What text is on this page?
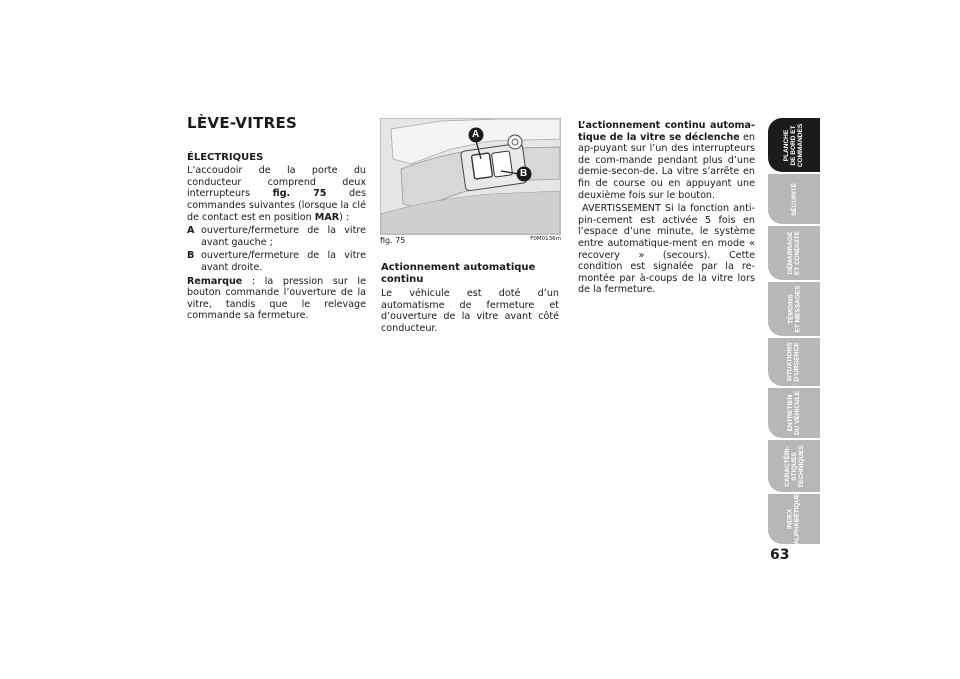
LÈVE-VITRES
ÉLECTRIQUES

L’accoudoir de la porte du conducteur comprend deux interrupteurs fig. 75 des commandes suivantes (lorsque la clé de contact est en position MAR) :

A ouverture/fermeture de la vitre avant gauche ;
B ouverture/fermeture de la vitre avant droite.

Remarque : la pression sur le bouton commande l’ouverture de la vitre, tandis que le relevage commande sa fermeture.

A
B
fig. 75	F0M0136m

Actionnement automatique continu

Le véhicule est doté d’un automatisme de fermeture et d’ouverture de la vitre avant côté conducteur.

L’actionnement continu automa-tique de la vitre se déclenche en ap-puyant sur l’un des interrupteurs de com-mande pendant plus d’une demie-secon-de. La vitre s’arrête en fin de course ou en appuyant une deuxième fois sur le bouton.

AVERTISSEMENT Si la fonction anti-pin-cement est activée 5 fois en l’espace d’une minute, le système entre automatique-ment en mode « recovery » (secours). Cette condition est signalée par la re-montée par à-coups de la vitre lors de la fermeture.

PLANCHE
DE BORD ET
COMMANDES
SÉCURITÉ
DÉMARRAGE
ET CONDUITE
TÉMOINS
ET MESSAGES
SITUATIONS
D’URGENCE
ENTRETIEN
DU VÉHICULE
CARACTÉRI-
STIQUES
TECHNIQUES
INDEX
ALPHABÉTIQUE
63
